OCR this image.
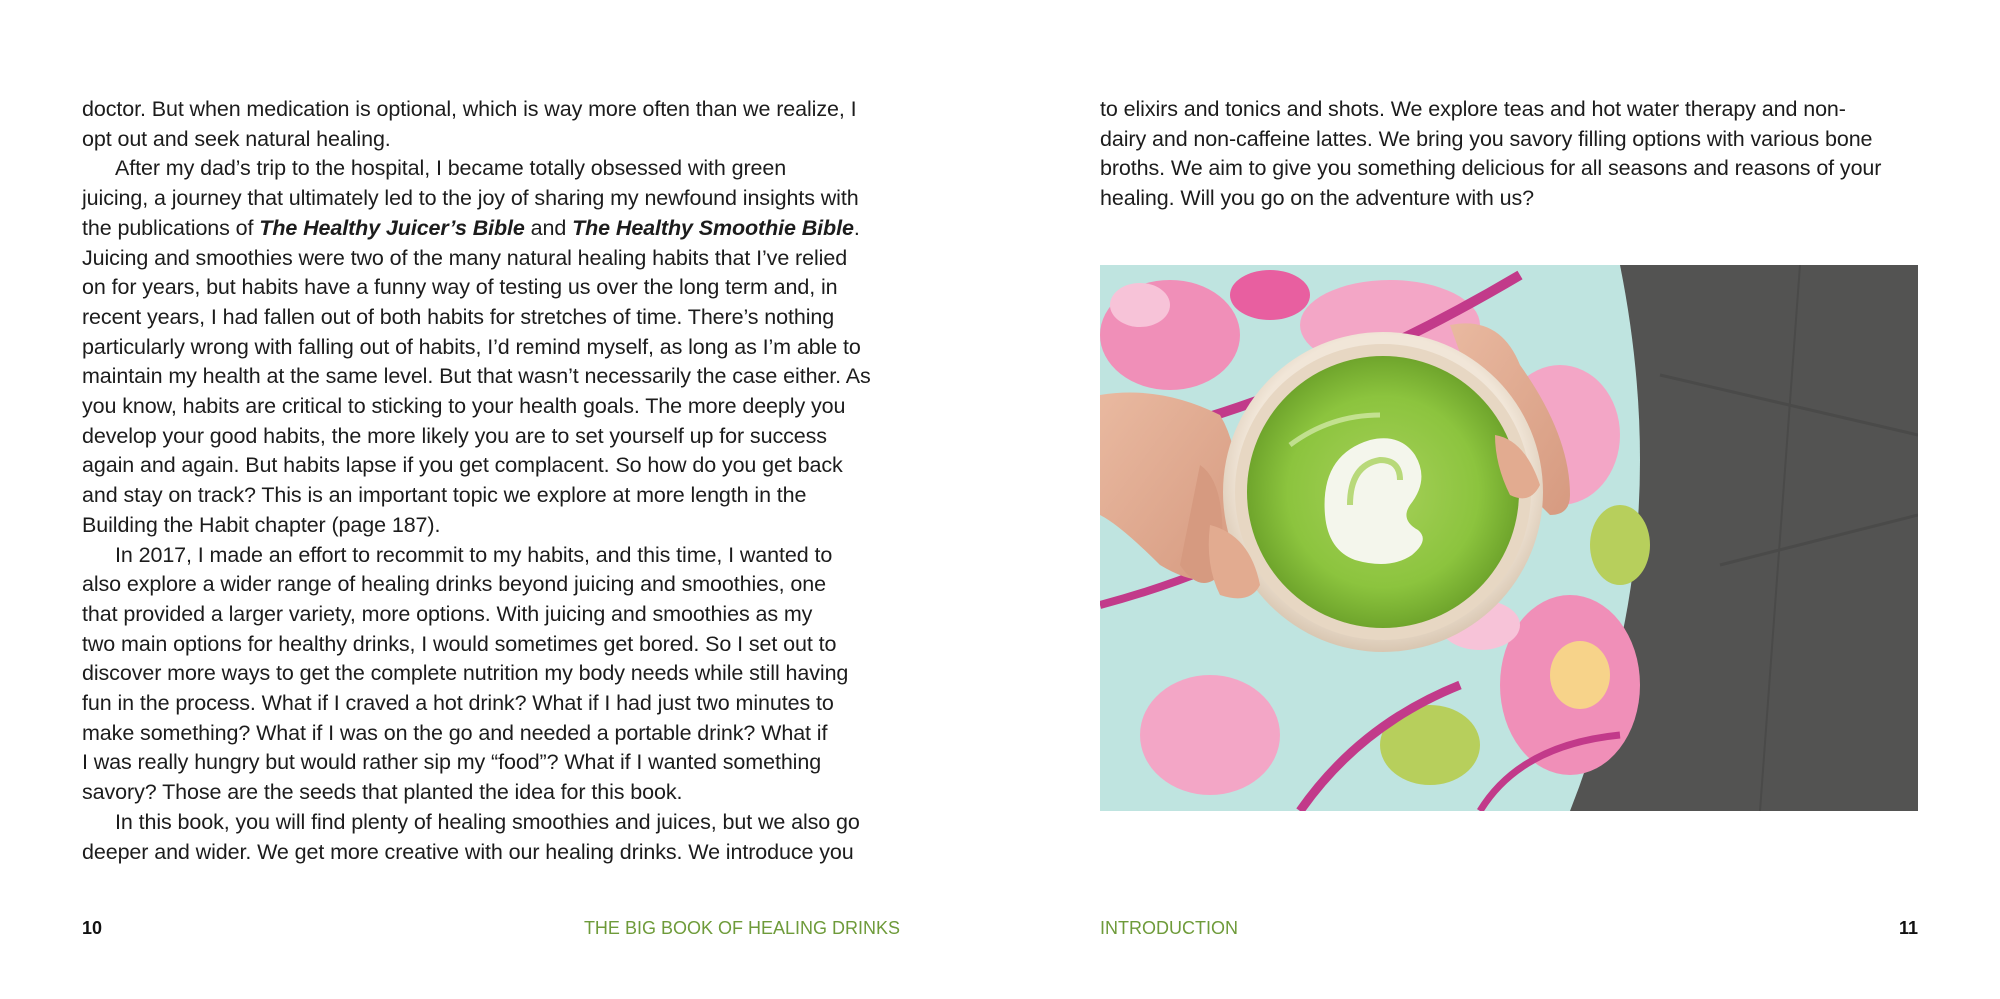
doctor. But when medication is optional, which is way more often than we realize, I
opt out and seek natural healing.
After my dad’s trip to the hospital, I became totally obsessed with green
juicing, a journey that ultimately led to the joy of sharing my newfound insights with
the publications of The Healthy Juicer’s Bible and The Healthy Smoothie Bible.
Juicing and smoothies were two of the many natural healing habits that I’ve relied
on for years, but habits have a funny way of testing us over the long term and, in
recent years, I had fallen out of both habits for stretches of time. There’s nothing
particularly wrong with falling out of habits, I’d remind myself, as long as I’m able to
maintain my health at the same level. But that wasn’t necessarily the case either. As
you know, habits are critical to sticking to your health goals. The more deeply you
develop your good habits, the more likely you are to set yourself up for success
again and again. But habits lapse if you get complacent. So how do you get back
and stay on track? This is an important topic we explore at more length in the
Building the Habit chapter (page 187).
In 2017, I made an effort to recommit to my habits, and this time, I wanted to
also explore a wider range of healing drinks beyond juicing and smoothies, one
that provided a larger variety, more options. With juicing and smoothies as my
two main options for healthy drinks, I would sometimes get bored. So I set out to
discover more ways to get the complete nutrition my body needs while still having
fun in the process. What if I craved a hot drink? What if I had just two minutes to
make something? What if I was on the go and needed a portable drink? What if
I was really hungry but would rather sip my “food”? What if I wanted something
savory? Those are the seeds that planted the idea for this book.
In this book, you will find plenty of healing smoothies and juices, but we also go
deeper and wider. We get more creative with our healing drinks. We introduce you
10	THE BIG BOOK OF HEALING DRINKS
to elixirs and tonics and shots. We explore teas and hot water therapy and non-
dairy and non-caffeine lattes. We bring you savory filling options with various bone
broths. We aim to give you something delicious for all seasons and reasons of your
healing. Will you go on the adventure with us?
INTRODUCTION	11
